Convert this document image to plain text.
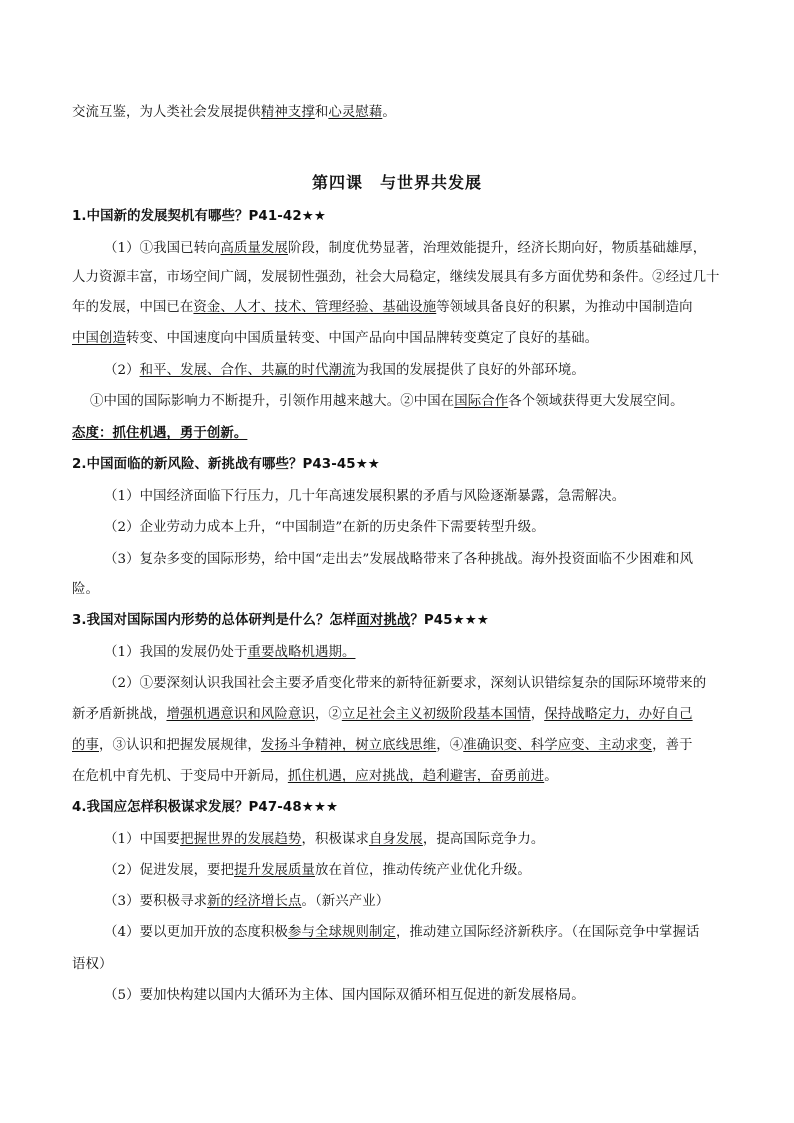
交流互鉴，为人类社会发展提供精神支撑和心灵慰藉。
第四课　与世界共发展
1.中国新的发展契机有哪些？P41-42★★
（1）①我国已转向高质量发展阶段，制度优势显著，治理效能提升，经济长期向好，物质基础雄厚，
人力资源丰富，市场空间广阔，发展韧性强劲，社会大局稳定，继续发展具有多方面优势和条件。②经过几十
年的发展，中国已在资金、人才、技术、管理经验、基础设施等领域具备良好的积累，为推动中国制造向
中国创造转变、中国速度向中国质量转变、中国产品向中国品牌转变奠定了良好的基础。
（2）和平、发展、合作、共赢的时代潮流为我国的发展提供了良好的外部环境。
①中国的国际影响力不断提升，引领作用越来越大。②中国在国际合作各个领域获得更大发展空间。
态度：抓住机遇，勇于创新。
2.中国面临的新风险、新挑战有哪些？P43-45★★
（1）中国经济面临下行压力，几十年高速发展积累的矛盾与风险逐渐暴露，急需解决。
（2）企业劳动力成本上升，“中国制造”在新的历史条件下需要转型升级。
（3）复杂多变的国际形势，给中国“走出去”发展战略带来了各种挑战。海外投资面临不少困难和风
险。
3.我国对国际国内形势的总体研判是什么？怎样面对挑战？P45★★★
（1）我国的发展仍处于重要战略机遇期。
（2）①要深刻认识我国社会主要矛盾变化带来的新特征新要求，深刻认识错综复杂的国际环境带来的
新矛盾新挑战，增强机遇意识和风险意识，②立足社会主义初级阶段基本国情，保持战略定力，办好自己
的事，③认识和把握发展规律，发扬斗争精神，树立底线思维，④准确识变、科学应变、主动求变，善于
在危机中育先机、于变局中开新局，抓住机遇，应对挑战，趋利避害，奋勇前进。
4.我国应怎样积极谋求发展？P47-48★★★
（1）中国要把握世界的发展趋势，积极谋求自身发展，提高国际竞争力。
（2）促进发展，要把提升发展质量放在首位，推动传统产业优化升级。
（3）要积极寻求新的经济增长点。（新兴产业）
（4）要以更加开放的态度积极参与全球规则制定，推动建立国际经济新秩序。（在国际竞争中掌握话
语权）
（5）要加快构建以国内大循环为主体、国内国际双循环相互促进的新发展格局。
